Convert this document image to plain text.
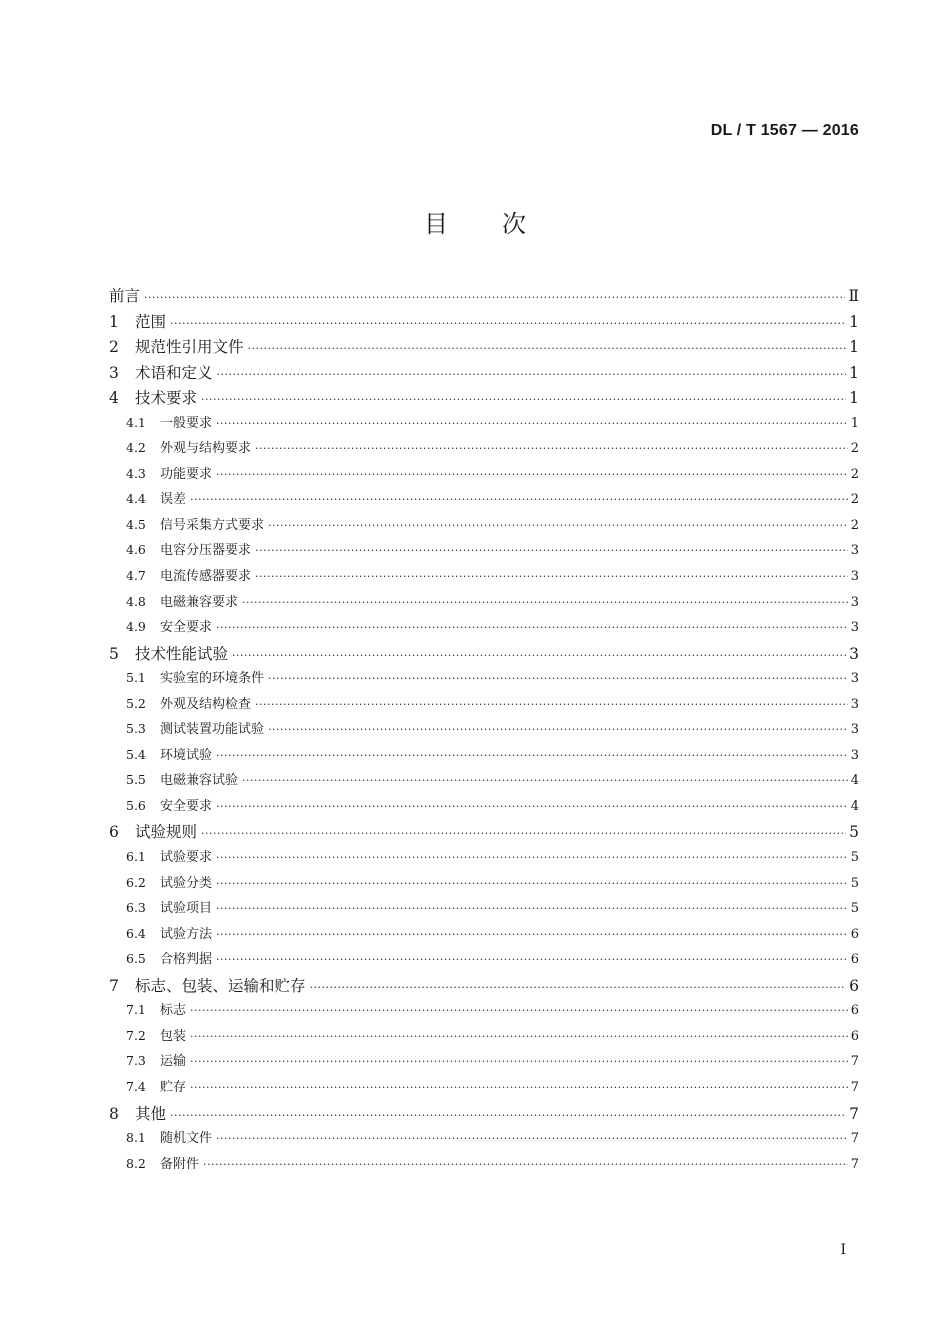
DL / T 1567 — 2016
目次
前言 ·····	Ⅱ
1	范围 ·····	1
2	规范性引用文件 ·····	1
3	术语和定义 ·····	1
4	技术要求 ·····	1
4.1	一般要求 ·····	1
4.2	外观与结构要求 ·····	2
4.3	功能要求 ·····	2
4.4	误差 ·····	2
4.5	信号采集方式要求 ·····	2
4.6	电容分压器要求 ·····	3
4.7	电流传感器要求 ·····	3
4.8	电磁兼容要求 ·····	3
4.9	安全要求 ·····	3
5	技术性能试验 ·····	3
5.1	实验室的环境条件 ·····	3
5.2	外观及结构检查 ·····	3
5.3	测试装置功能试验 ·····	3
5.4	环境试验 ·····	3
5.5	电磁兼容试验 ·····	4
5.6	安全要求 ·····	4
6	试验规则 ·····	5
6.1	试验要求 ·····	5
6.2	试验分类 ·····	5
6.3	试验项目 ·····	5
6.4	试验方法 ·····	6
6.5	合格判据 ·····	6
7	标志、包装、运输和贮存 ·····	6
7.1	标志 ·····	6
7.2	包装 ·····	6
7.3	运输 ·····	7
7.4	贮存 ·····	7
8	其他 ·····	7
8.1	随机文件 ·····	7
8.2	备附件 ·····	7
I
